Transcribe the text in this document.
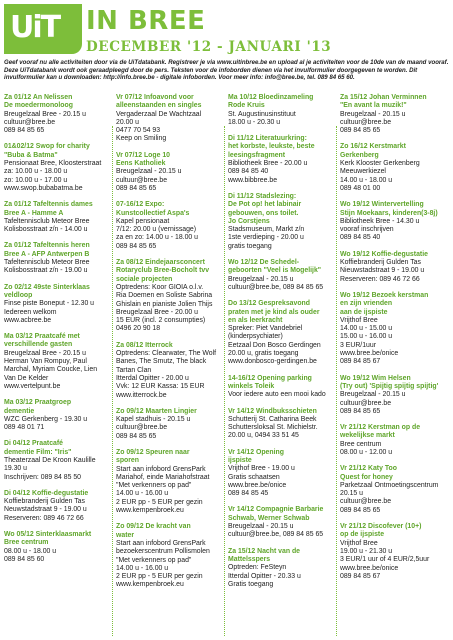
UiT IN BREE
DECEMBER '12 - JANUARI '13
Geef vooraf nu alle activiteiten door via de UiTdatabank. Registreer je via www.uitinbree.be en upload al je activiteiten voor de 10de van de maand vooraf. Deze UiTdatabank wordt ook geraadpleegd door de pers. Teksten voor de infoborden dienen via het invulformulier doorgegeven te worden. Dit invulformulier kan u downloaden: http://info.bree.be - digitale infoborden. Voor meer info: info@bree.be, tel. 089 84 65 60.
Za 01/12 An Nelissen
De moedermonoloog
Breugelzaal Bree - 20.15 u
cultuur@bree.be
089 84 85 65
01&02/12 Swop for charity
"Buba & Batma"
Pensionaat Bree, Kloosterstraat
za: 10.00 u - 18.00 u
zo: 10.00 u - 17.00 u
www.swop.bubabatma.be
Za 01/12 Tafeltennis dames
Bree A - Hamme A
Tafeltennisclub Meteor Bree
Kolisbosstraat z/n - 14.00 u
Za 01/12 Tafeltennis heren
Bree A - AFP Antwerpen B
Tafeltennisclub Meteor Bree
Kolisbosstraat z/n - 19.00 u
Zo 02/12 49ste Sinterklaas
veldloop
Finse piste Boneput - 12.30 u
Iedereen welkom
www.acbree.be
Ma 03/12 Praatcafé met
verschillende gasten
Breugelzaal Bree - 20.15 u
Herman Van Rompuy, Paul
Marchal, Myriam Coucke, Lien
Van De Kelder
www.vertelpunt.be
Ma 03/12 Praatgroep
dementie
WZC Gerkenberg - 19.30 u
089 48 01 71
Di 04/12 Praatcafé
dementie Film: "Iris"
Theaterzaal De Kroon Kaulille
19.30 u
Inschrijven: 089 84 85 50
Di 04/12 Koffie-degustatie
Koffiebranderij Gulden Tas
Neuwstadstraat 9 - 19.00 u
Reserveren: 089 46 72 66
Wo 05/12 Sinterklaasmarkt
Bree centrum
08.00 u - 18.00 u
089 84 85 60
Vr 07/12 Infoavond voor
alleenstaanden en singles
Vergaderzaal De Wachtzaal
20.00 u
0477 70 54 93
Keep on Smiling
Vr 07/12 Loge 10
Eens Katholiek
Breugelzaal - 20.15 u
cultuur@bree.be
089 84 85 65
07-16/12 Expo:
Kunstcollectief Aspa's
Kapel pensionaat
7/12: 20.00 u (vernissage)
za en zo: 14.00 u - 18.00 u
089 84 85 65
Za 08/12 Eindejaarsconcert
Rotaryclub Bree-Bocholt tvv
sociale projecten
Optredens: Koor GIOIA o.l.v.
Ria Doemen en Soliste Sabrina
Ghislain en pianiste Jolien Thijs
Breugelzaal Bree - 20.00 u
15 EUR (incl. 2 consumpties)
0496 20 90 18
Za 08/12 Itterrock
Optredens: Clearwater, The Wolf
Banes, The Smutz, The black
Tartan Clan
Itterdal Opitter - 20.00 u
Vvk: 12 EUR Kassa: 15 EUR
www.itterrock.be
Zo 09/12 Maarten Lingier
Kapel stadhuis - 20.15 u
cultuur@bree.be
089 84 85 65
Zo 09/12 Speuren naar
sporen
Start aan infobord GrensPark
Mariahof, einde Mariahofstraat
"Met verkenners op pad"
14.00 u - 16.00 u
2 EUR pp - 5 EUR per gezin
www.kempenbroek.eu
Zo 09/12 De kracht van
water
Start aan infobord GrensPark
bezoekerscentrum Pollismolen
"Met verkenners op pad"
14.00 u - 16.00 u
2 EUR pp - 5 EUR per gezin
www.kempenbroek.eu
Ma 10/12 Bloedinzameling
Rode Kruis
St. Augustinusinstituut
18.00 u - 20.30 u
Di 11/12 Literatuurkring:
het korbste, leukste, beste
leesingsfragment
Bibliotheek Bree - 20.00 u
089 84 85 40
www.bibbree.be
Di 11/12 Stadslezing:
De Pot op! het labinair
gebouwen, ons toilet.
Jo Corstjens
Stadsmuseum, Markt z/n
1ste verdieping - 20.00 u
gratis toegang
Wo 12/12 De Schedel-
geboorten "Veel is Mogelijk"
Breugelzaal - 20.15 u
cultuur@bree.be, 089 84 85 65
Do 13/12 Gespreksavond
praten met je kind als ouder
en als leerkracht
Spreker: Piet Vandebriel
(kinderpsychiater)
Eetzaal Don Bosco Gerdingen
20.00 u, gratis toegang
www.donbosco-gerdingen.be
14-16/12 Opening parking
winkels Toleik
Voor iedere auto een mooi kado
Vr 14/12 Windbuksschieten
Schutterij St. Catharina Beek
Schuttersloksal St. Michielstr.
20.00 u, 0494 33 51 45
Vr 14/12 Opening
ijspiste
Vrijthof Bree - 19.00 u
Gratis schaatsen
www.bree.be/onice
089 84 85 45
Vr 14/12 Compagnie Barbarie
Schwab, Werner Schwab
Breugelzaal - 20.15 u
cultuur@bree.be, 089 84 85 65
Za 15/12 Nacht van de
Mattelsspers
Optreden: FeSteyn
Itterdal Opitter - 20.33 u
Gratis toegang
Za 15/12 Johan Verminnen
"En avant la muzik!"
Breugelzaal - 20.15 u
cultuur@bree.be
089 84 85 65
Zo 16/12 Kerstmarkt
Gerkenberg
Kerk Klooster Gerkenberg
Meeuwerkiezel
14.00 u - 18.00 u
089 48 01 00
Wo 19/12 Wintervertelling
Stijn Moekaars, kinderen(3-8j)
Bibliotheek Bree - 14.30 u
vooraf inschrijven
089 84 85 40
Wo 19/12 Koffie-degustatie
Koffiebranderij Gulden Tas
Nieuwstadstraat 9 - 19.00 u
Reserveren: 089 46 72 66
Wo 19/12 Bezoek kerstman
en zijn vrienden
aan de ijspiste
Vrijthof Bree
14.00 u - 15.00 u
15.00 u - 16.00 u
3 EUR/1uur
www.bree.be/onice
089 84 85 67
Wo 19/12 Wim Helsen
(Try out) 'Spijtig spijtig spijtig'
Breugelzaal - 20.15 u
cultuur@bree.be
089 84 85 65
Vr 21/12 Kerstman op de
wekelijkse markt
Bree centrum
08.00 u - 12.00 u
Vr 21/12 Katy Too
Quest for honey
Parketzaal Ontmoetingscentrum
20.15 u
cultuur@bree.be
089 84 85 65
Vr 21/12 Discofever (10+)
op de ijspiste
Vrijthof Bree
19.00 u - 21.30 u
3 EUR/1 uur of 4 EUR/2,5uur
www.bree.be/onice
089 84 85 67
